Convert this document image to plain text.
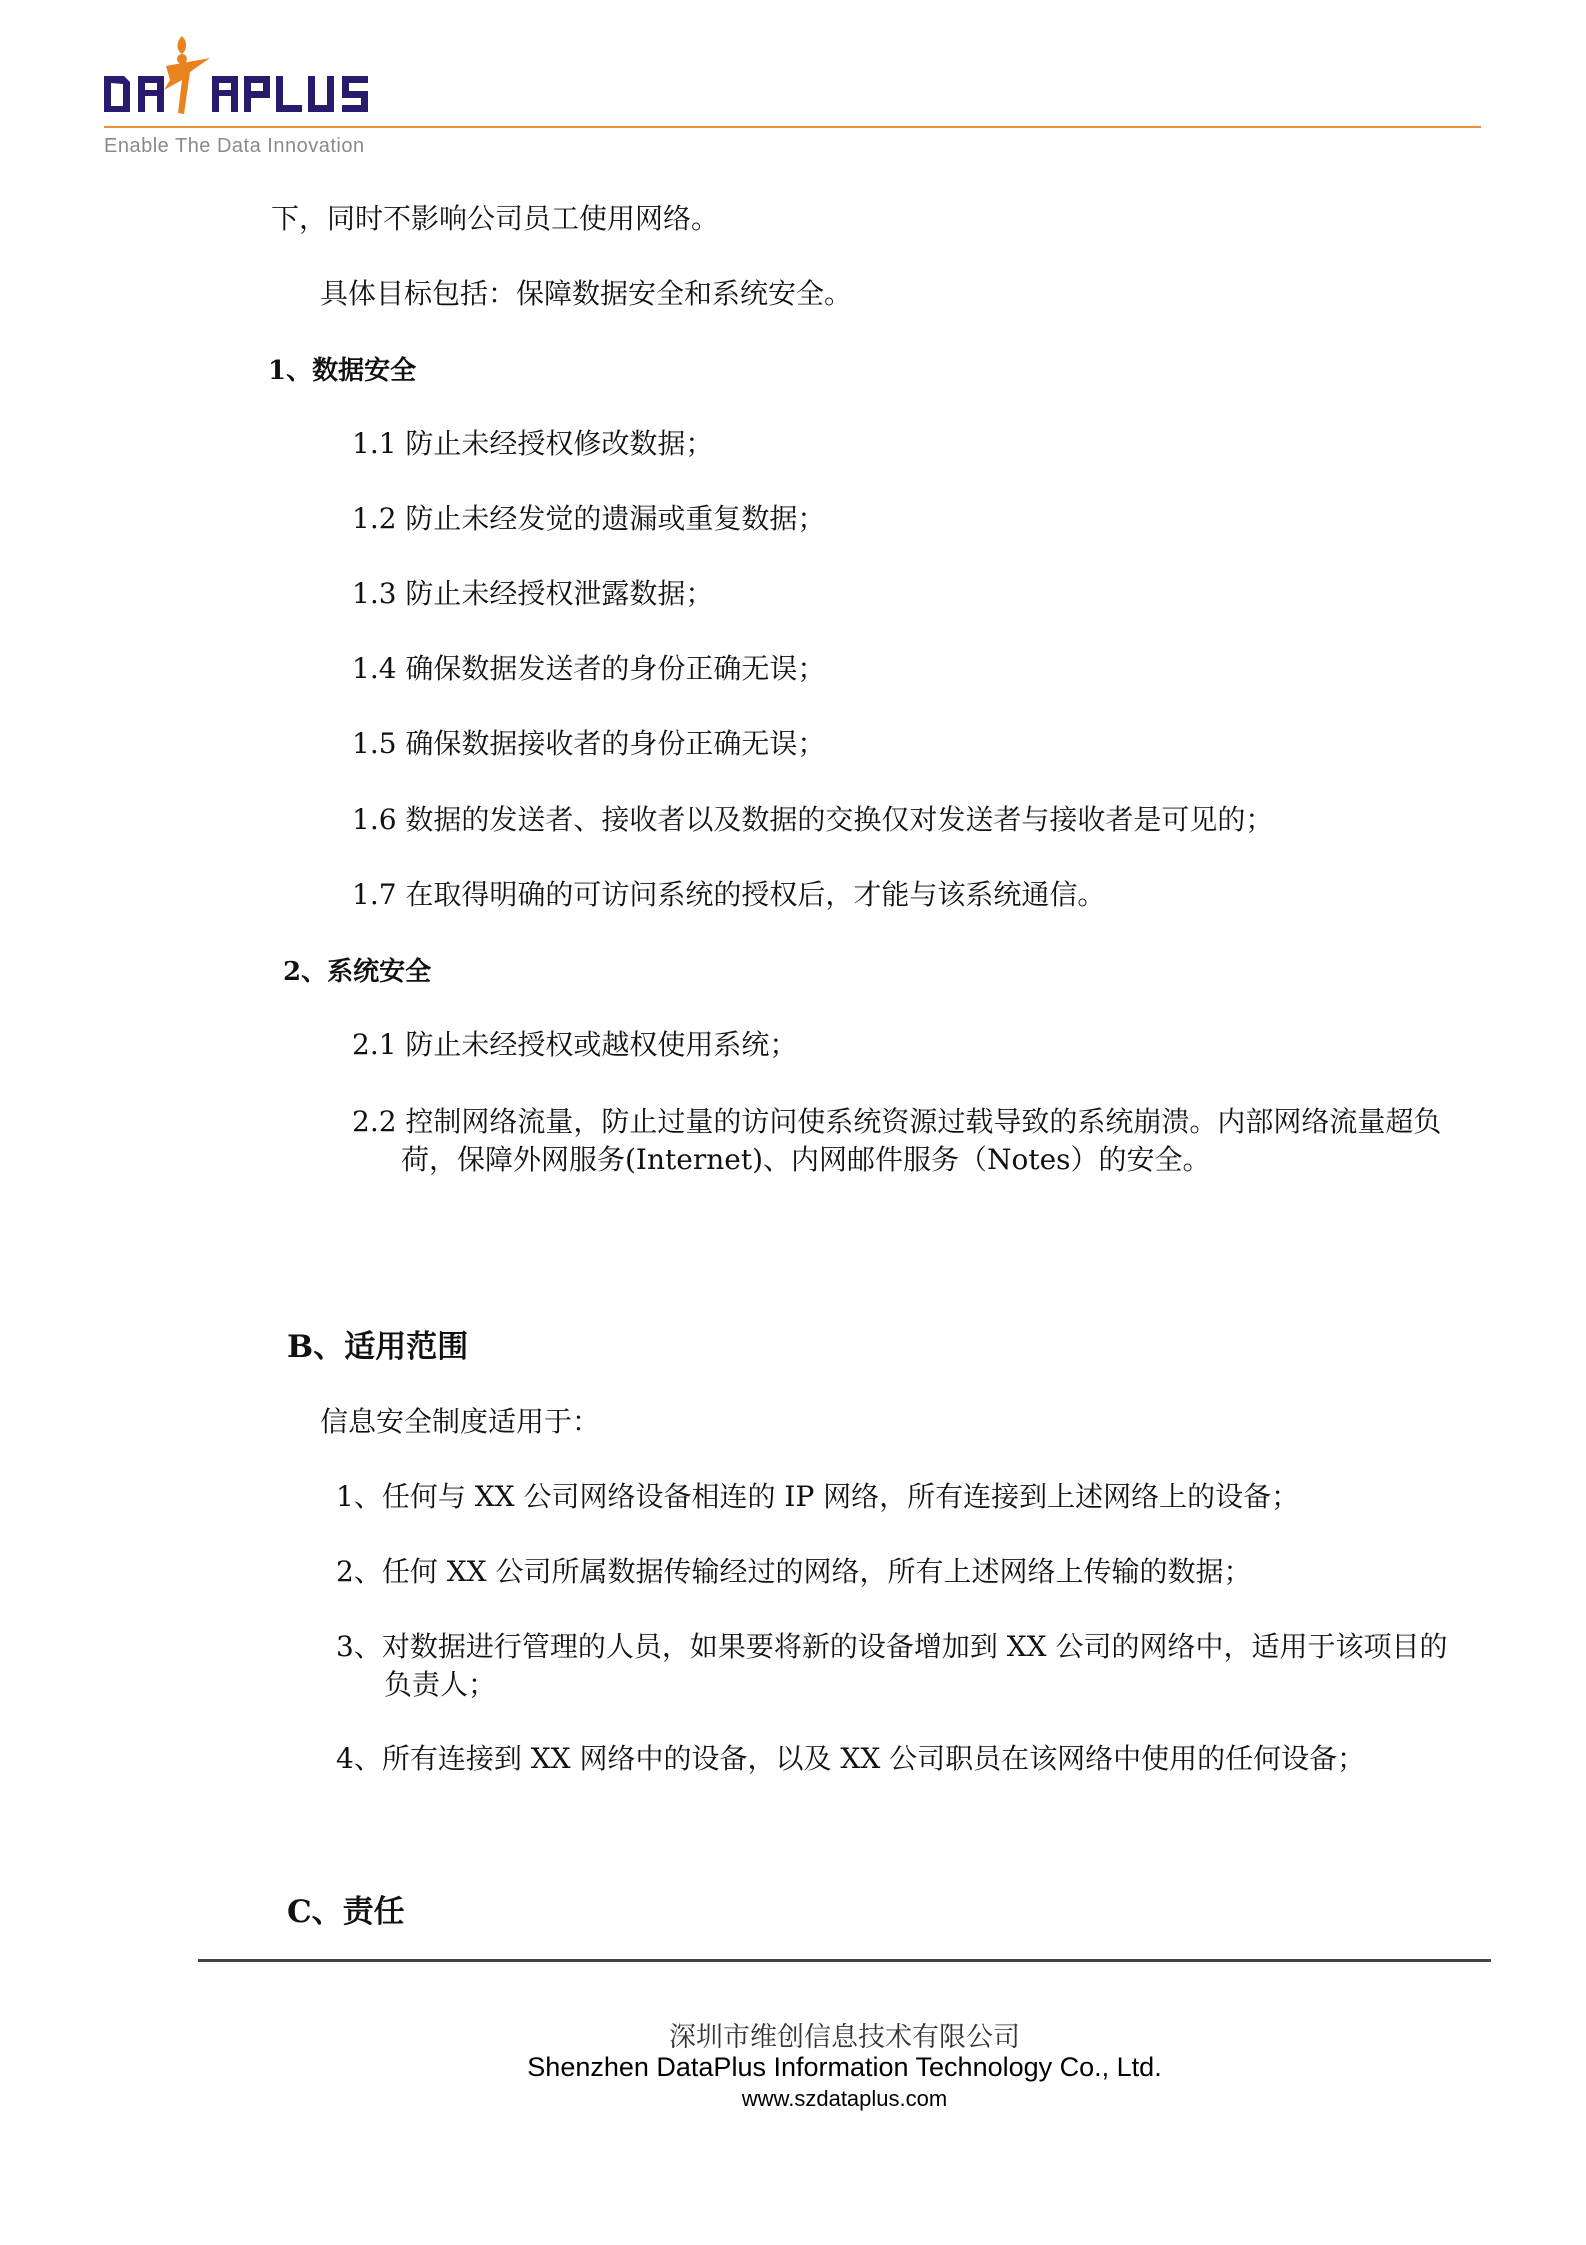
Enable The Data Innovation
下，同时不影响公司员工使用网络。
具体目标包括：保障数据安全和系统安全。
1、数据安全
1.1 防止未经授权修改数据；
1.2 防止未经发觉的遗漏或重复数据；
1.3 防止未经授权泄露数据；
1.4 确保数据发送者的身份正确无误；
1.5 确保数据接收者的身份正确无误；
1.6 数据的发送者、接收者以及数据的交换仅对发送者与接收者是可见的；
1.7 在取得明确的可访问系统的授权后，才能与该系统通信。
2、系统安全
2.1 防止未经授权或越权使用系统；
2.2 控制网络流量，防止过量的访问使系统资源过载导致的系统崩溃。内部网络流量超负荷，保障外网服务(Internet)、内网邮件服务（Notes）的安全。
B、适用范围
信息安全制度适用于：
1、任何与 XX 公司网络设备相连的 IP 网络，所有连接到上述网络上的设备；
2、任何 XX 公司所属数据传输经过的网络，所有上述网络上传输的数据；
3、对数据进行管理的人员，如果要将新的设备增加到 XX 公司的网络中，适用于该项目的负责人；
4、所有连接到 XX 网络中的设备，以及 XX 公司职员在该网络中使用的任何设备；
C、责任
深圳市维创信息技术有限公司
Shenzhen DataPlus Information Technology Co., Ltd.
www.szdataplus.com
